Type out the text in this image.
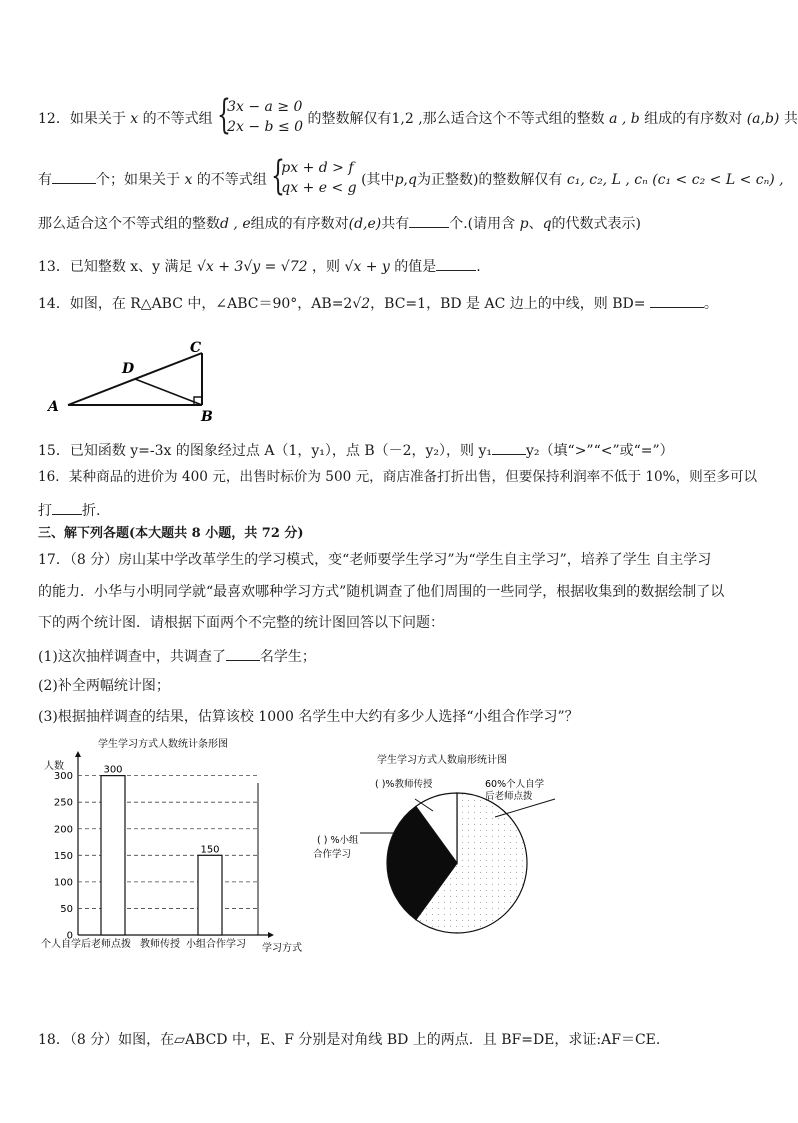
12．如果关于 x 的不等式组 {
3x − a ≥ 0
2x − b ≤ 0 的整数解仅有1,2 ,那么适合这个不等式组的整数 a , b 组成的有序数对 (a,b) 共
有	个；如果关于 x 的不等式组 {
px + d > f
qx + e < g (其中p,q为正整数)的整数解仅有 c₁, c₂, L , cₙ (c₁ < c₂ < L < cₙ) ,
那么适合这个不等式组的整数d , e组成的有序数对(d,e)共有	个.(请用含 p、q的代数式表示)
13．已知整数 x、y 满足 √x + 3√y = √72 ，则 √x + y 的值是	.
14．如图，在 R△ABC 中，∠ABC＝90°，AB=2√2，BC=1，BD 是 AC 边上的中线，则 BD=	。
A
D
C
B
15．已知函数 y=-3x 的图象经过点 A（1，y₁），点 B（－2，y₂），则 y₁ y₂（填“>”“<”或“=”）
16．某种商品的进价为 400 元，出售时标价为 500 元，商店准备打折出售，但要保持利润率不低于 10%，则至多可以
打 折.
三、解下列各题(本大题共 8 小题，共 72 分)
17．（8 分）房山某中学改革学生的学习模式，变“老师要学生学习”为“学生自主学习”，培养了学生 自主学习
的能力．小华与小明同学就“最喜欢哪种学习方式”随机调查了他们周围的一些同学，根据收集到的数据绘制了以
下的两个统计图．请根据下面两个不完整的统计图回答以下问题：
(1)这次抽样调查中，共调查了 名学生；
(2)补全两幅统计图；
(3)根据抽样调查的结果，估算该校 1000 名学生中大约有多少人选择“小组合作学习”？
学生学习方式人数统计条形图
人数
学习方式
300
150
0
50
100
150
200
250
300
个人自学后老师点拨 教师传授 小组合作学习
学生学习方式人数扇形统计图
( )%教师传授	60%个人自学
后老师点拨
( ) %小组
合作学习
18．（8 分）如图，在▱ABCD 中，E、F 分别是对角线 BD 上的两点．且 BF=DE，求证:AF＝CE.
